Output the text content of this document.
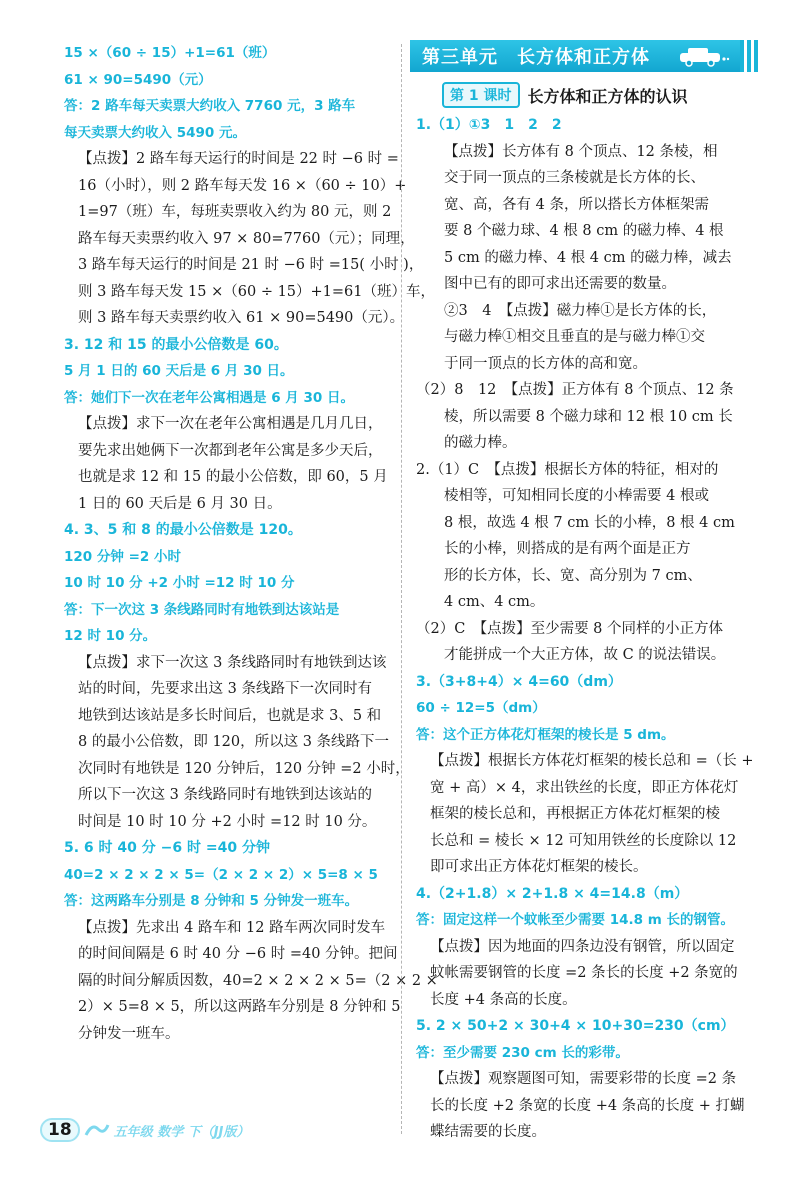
15 ×（60 ÷ 15）+1=61（班）
61 × 90=5490（元）
答：2 路车每天卖票大约收入 7760 元，3 路车
每天卖票大约收入 5490 元。
【点拨】2 路车每天运行的时间是 22 时 −6 时 =
16（小时），则 2 路车每天发 16 ×（60 ÷ 10）+
1=97（班）车，每班卖票收入约为 80 元，则 2
路车每天卖票约收入 97 × 80=7760（元）；同理，
3 路车每天运行的时间是 21 时 −6 时 =15( 小时 )，
则 3 路车每天发 15 ×（60 ÷ 15）+1=61（班）车，
则 3 路车每天卖票约收入 61 × 90=5490（元）。
3. 12 和 15 的最小公倍数是 60。
5 月 1 日的 60 天后是 6 月 30 日。
答：她们下一次在老年公寓相遇是 6 月 30 日。
【点拨】求下一次在老年公寓相遇是几月几日，
要先求出她俩下一次都到老年公寓是多少天后，
也就是求 12 和 15 的最小公倍数，即 60，5 月
1 日的 60 天后是 6 月 30 日。
4. 3、5 和 8 的最小公倍数是 120。
120 分钟 =2 小时
10 时 10 分 +2 小时 =12 时 10 分
答：下一次这 3 条线路同时有地铁到达该站是
12 时 10 分。
【点拨】求下一次这 3 条线路同时有地铁到达该
站的时间，先要求出这 3 条线路下一次同时有
地铁到达该站是多长时间后，也就是求 3、5 和
8 的最小公倍数，即 120，所以这 3 条线路下一
次同时有地铁是 120 分钟后，120 分钟 =2 小时，
所以下一次这 3 条线路同时有地铁到达该站的
时间是 10 时 10 分 +2 小时 =12 时 10 分。
5. 6 时 40 分 −6 时 =40 分钟
40=2 × 2 × 2 × 5=（2 × 2 × 2）× 5=8 × 5
答：这两路车分别是 8 分钟和 5 分钟发一班车。
【点拨】先求出 4 路车和 12 路车两次同时发车
的时间间隔是 6 时 40 分 −6 时 =40 分钟。把间
隔的时间分解质因数，40=2 × 2 × 2 × 5=（2 × 2 ×
2）× 5=8 × 5，所以这两路车分别是 8 分钟和 5
分钟发一班车。
第三单元　长方体和正方体
第 1 课时	长方体和正方体的认识
1.（1）①3　1　2　2
【点拨】长方体有 8 个顶点、12 条棱，相
交于同一顶点的三条棱就是长方体的长、
宽、高，各有 4 条，所以搭长方体框架需
要 8 个磁力球、4 根 8 cm 的磁力棒、4 根
5 cm 的磁力棒、4 根 4 cm 的磁力棒，减去
图中已有的即可求出还需要的数量。
②3　4　【点拨】磁力棒①是长方体的长，
与磁力棒①相交且垂直的是与磁力棒①交
于同一顶点的长方体的高和宽。
（2）8　12　【点拨】正方体有 8 个顶点、12 条
棱，所以需要 8 个磁力球和 12 根 10 cm 长
的磁力棒。
2.（1）C　【点拨】根据长方体的特征，相对的
棱相等，可知相同长度的小棒需要 4 根或
8 根，故选 4 根 7 cm 长的小棒，8 根 4 cm
长的小棒，则搭成的是有两个面是正方
形的长方体，长、宽、高分别为 7 cm、
4 cm、4 cm。
（2）C　【点拨】至少需要 8 个同样的小正方体
才能拼成一个大正方体，故 C 的说法错误。
3.（3+8+4）× 4=60（dm）
60 ÷ 12=5（dm）
答：这个正方体花灯框架的棱长是 5 dm。
【点拨】根据长方体花灯框架的棱长总和 =（长 +
宽 + 高）× 4，求出铁丝的长度，即正方体花灯
框架的棱长总和，再根据正方体花灯框架的棱
长总和 = 棱长 × 12 可知用铁丝的长度除以 12
即可求出正方体花灯框架的棱长。
4.（2+1.8）× 2+1.8 × 4=14.8（m）
答：固定这样一个蚊帐至少需要 14.8 m 长的钢管。
【点拨】因为地面的四条边没有钢管，所以固定
蚊帐需要钢管的长度 =2 条长的长度 +2 条宽的
长度 +4 条高的长度。
5. 2 × 50+2 × 30+4 × 10+30=230（cm）
答：至少需要 230 cm 长的彩带。
【点拨】观察题图可知，需要彩带的长度 =2 条
长的长度 +2 条宽的长度 +4 条高的长度 + 打蝴
蝶结需要的长度。
18	五年级 数学 下（JJ版）
